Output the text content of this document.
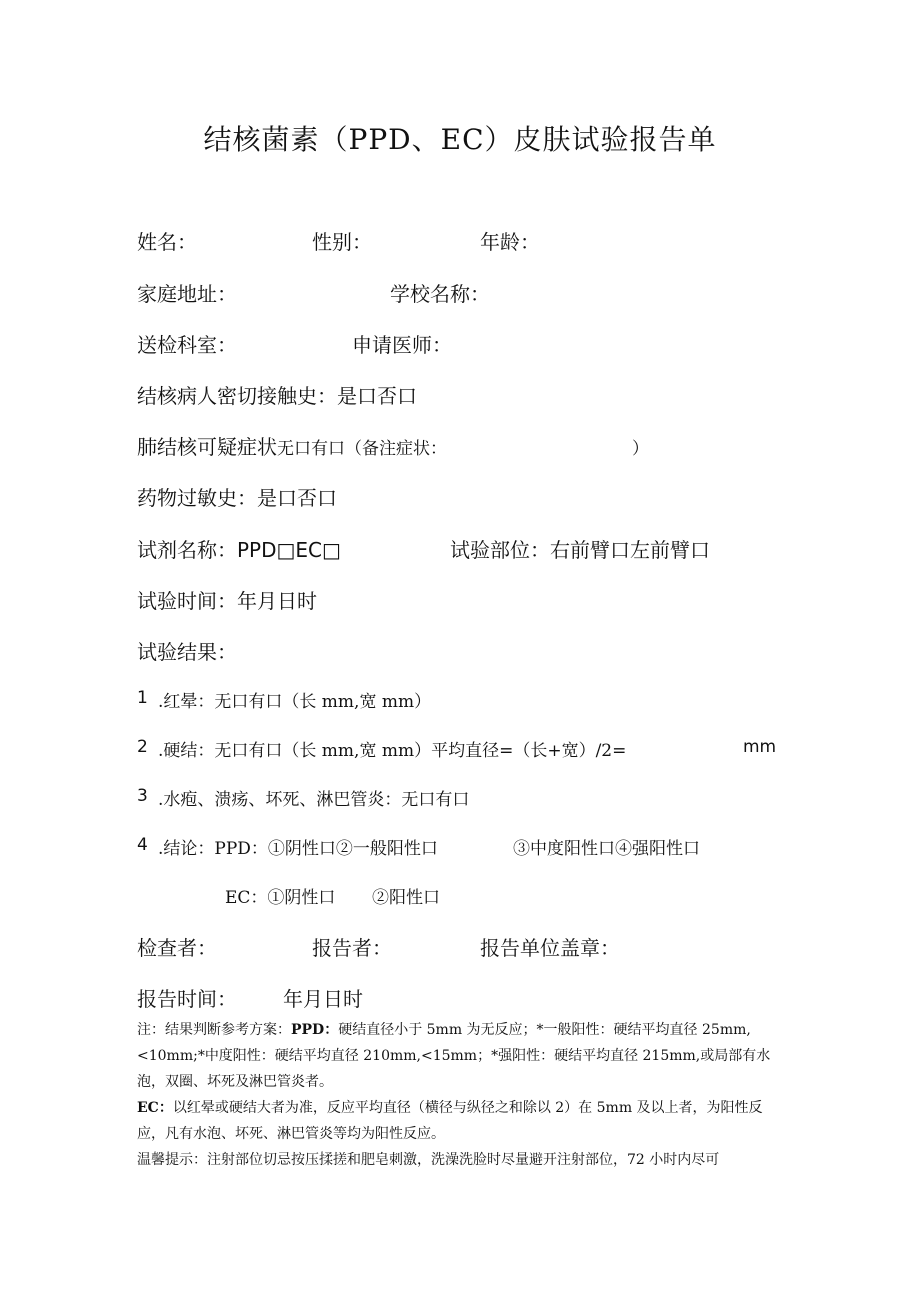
结核菌素（PPD、EC）皮肤试验报告单
姓名：	性别：	年龄：
家庭地址：	学校名称：
送检科室：	申请医师：
结核病人密切接触史：是口否口
肺结核可疑症状无口有口（备注症状：	）
药物过敏史：是口否口
试剂名称：PPD□EC□	试验部位：右前臂口左前臂口
试验时间：年月日时
试验结果：
1 .红晕：无口有口（长 mm,宽 mm）
2 .硬结：无口有口（长 mm,宽 mm）平均直径=（长+宽）/2=	mm
3 .水疱、溃疡、坏死、淋巴管炎：无口有口
4 .结论：PPD：①阴性口②一般阳性口	③中度阳性口④强阳性口
EC：①阴性口 ②阳性口
检查者：	报告者：	报告单位盖章：
报告时间： 年月日时

注：结果判断参考方案：PPD：硬结直径小于 5mm 为无反应；*一般阳性：硬结平均直径 25mm,<10mm;*中度阳性：硬结平均直径 210mm,<15mm；*强阳性：硬结平均直径 215mm,或局部有水泡，双圈、坏死及淋巴管炎者。

EC：以红晕或硬结大者为准，反应平均直径（横径与纵径之和除以 2）在 5mm 及以上者，为阳性反应，凡有水泡、坏死、淋巴管炎等均为阳性反应。

温馨提示：注射部位切忌按压揉搓和肥皂刺激，洗澡洗脸时尽量避开注射部位，72 小时内尽可
